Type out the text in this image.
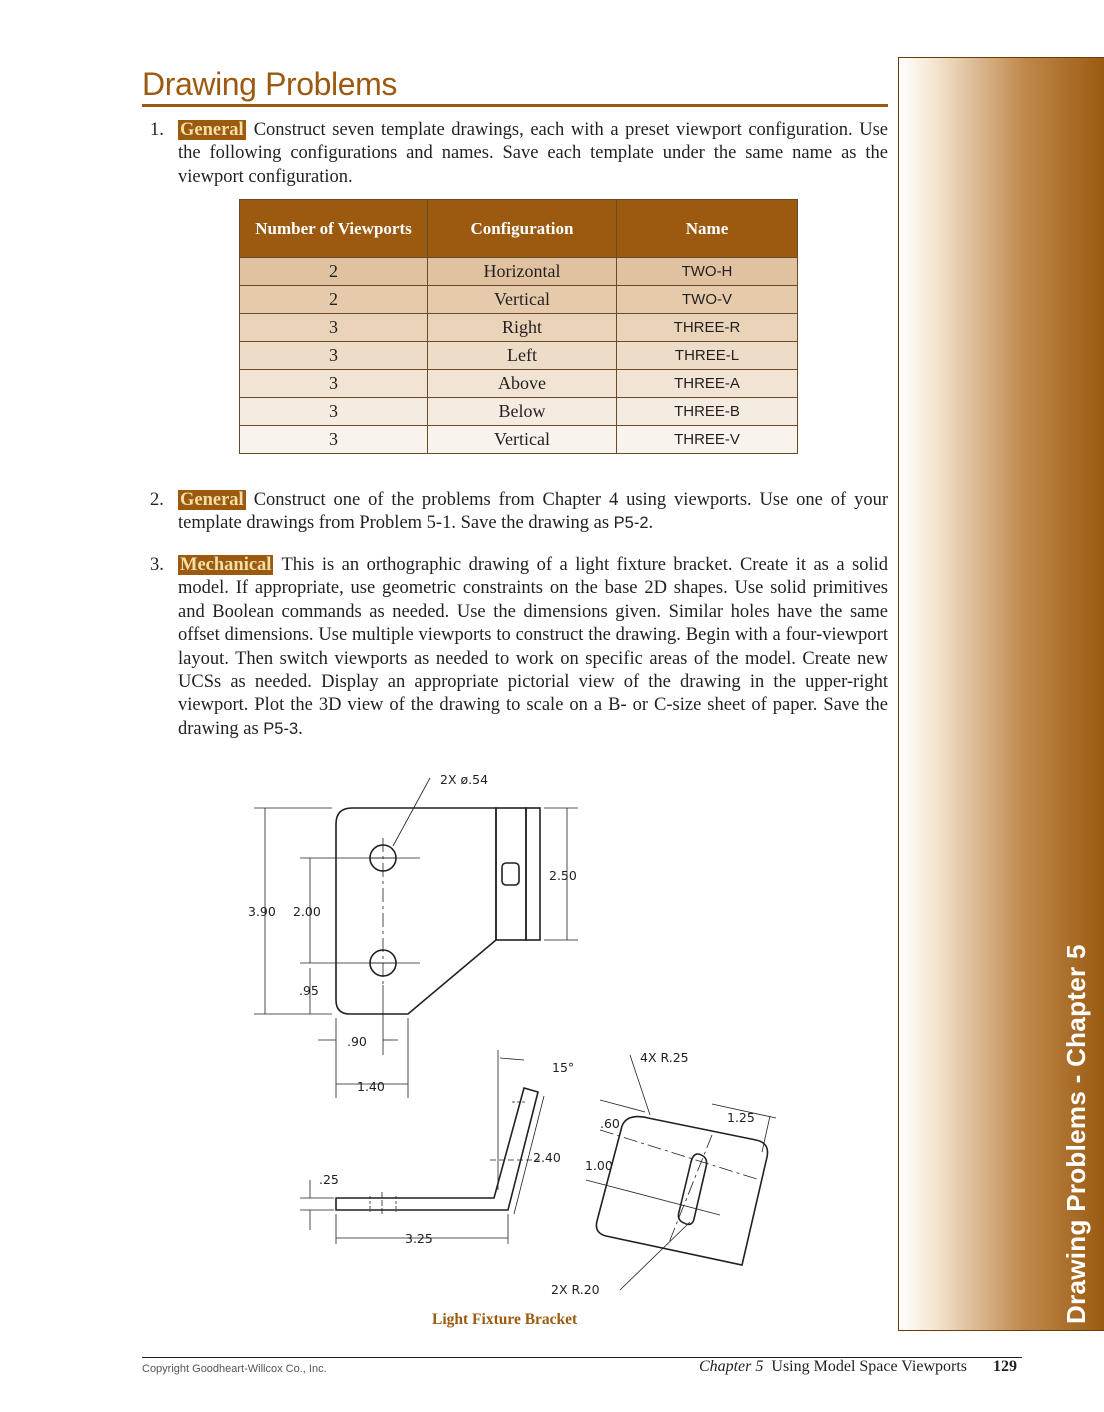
Drawing Problems - Chapter 5
Drawing Problems
1. General Construct seven template drawings, each with a preset viewport configuration. Use the following configurations and names. Save each template under the same name as the viewport configuration.
Number of Viewports	Configuration	Name
2	Horizontal	TWO-H
2	Vertical	TWO-V
3	Right	THREE-R
3	Left	THREE-L
3	Above	THREE-A
3	Below	THREE-B
3	Vertical	THREE-V
2. General Construct one of the problems from Chapter 4 using viewports. Use one of your template drawings from Problem 5-1. Save the drawing as P5-2.
3. Mechanical This is an orthographic drawing of a light fixture bracket. Create it as a solid model. If appropriate, use geometric constraints on the base 2D shapes. Use solid primitives and Boolean commands as needed. Use the dimensions given. Similar holes have the same offset dimensions. Use multiple viewports to construct the drawing. Begin with a four-viewport layout. Then switch viewports as needed to work on specific areas of the model. Create new UCSs as needed. Display an appropriate pictorial view of the drawing in the upper-right viewport. Plot the 3D view of the drawing to scale on a B- or C-size sheet of paper. Save the drawing as P5-3.
2X ø.54
3.90 2.00
2.50
.95
.90
1.40
15°
4X R.25
2.40
.60	1.25
1.00
.25
3.25
2X R.20
Light Fixture Bracket
Copyright Goodheart-Willcox Co., Inc.	Chapter 5 Using Model Space Viewports 129
